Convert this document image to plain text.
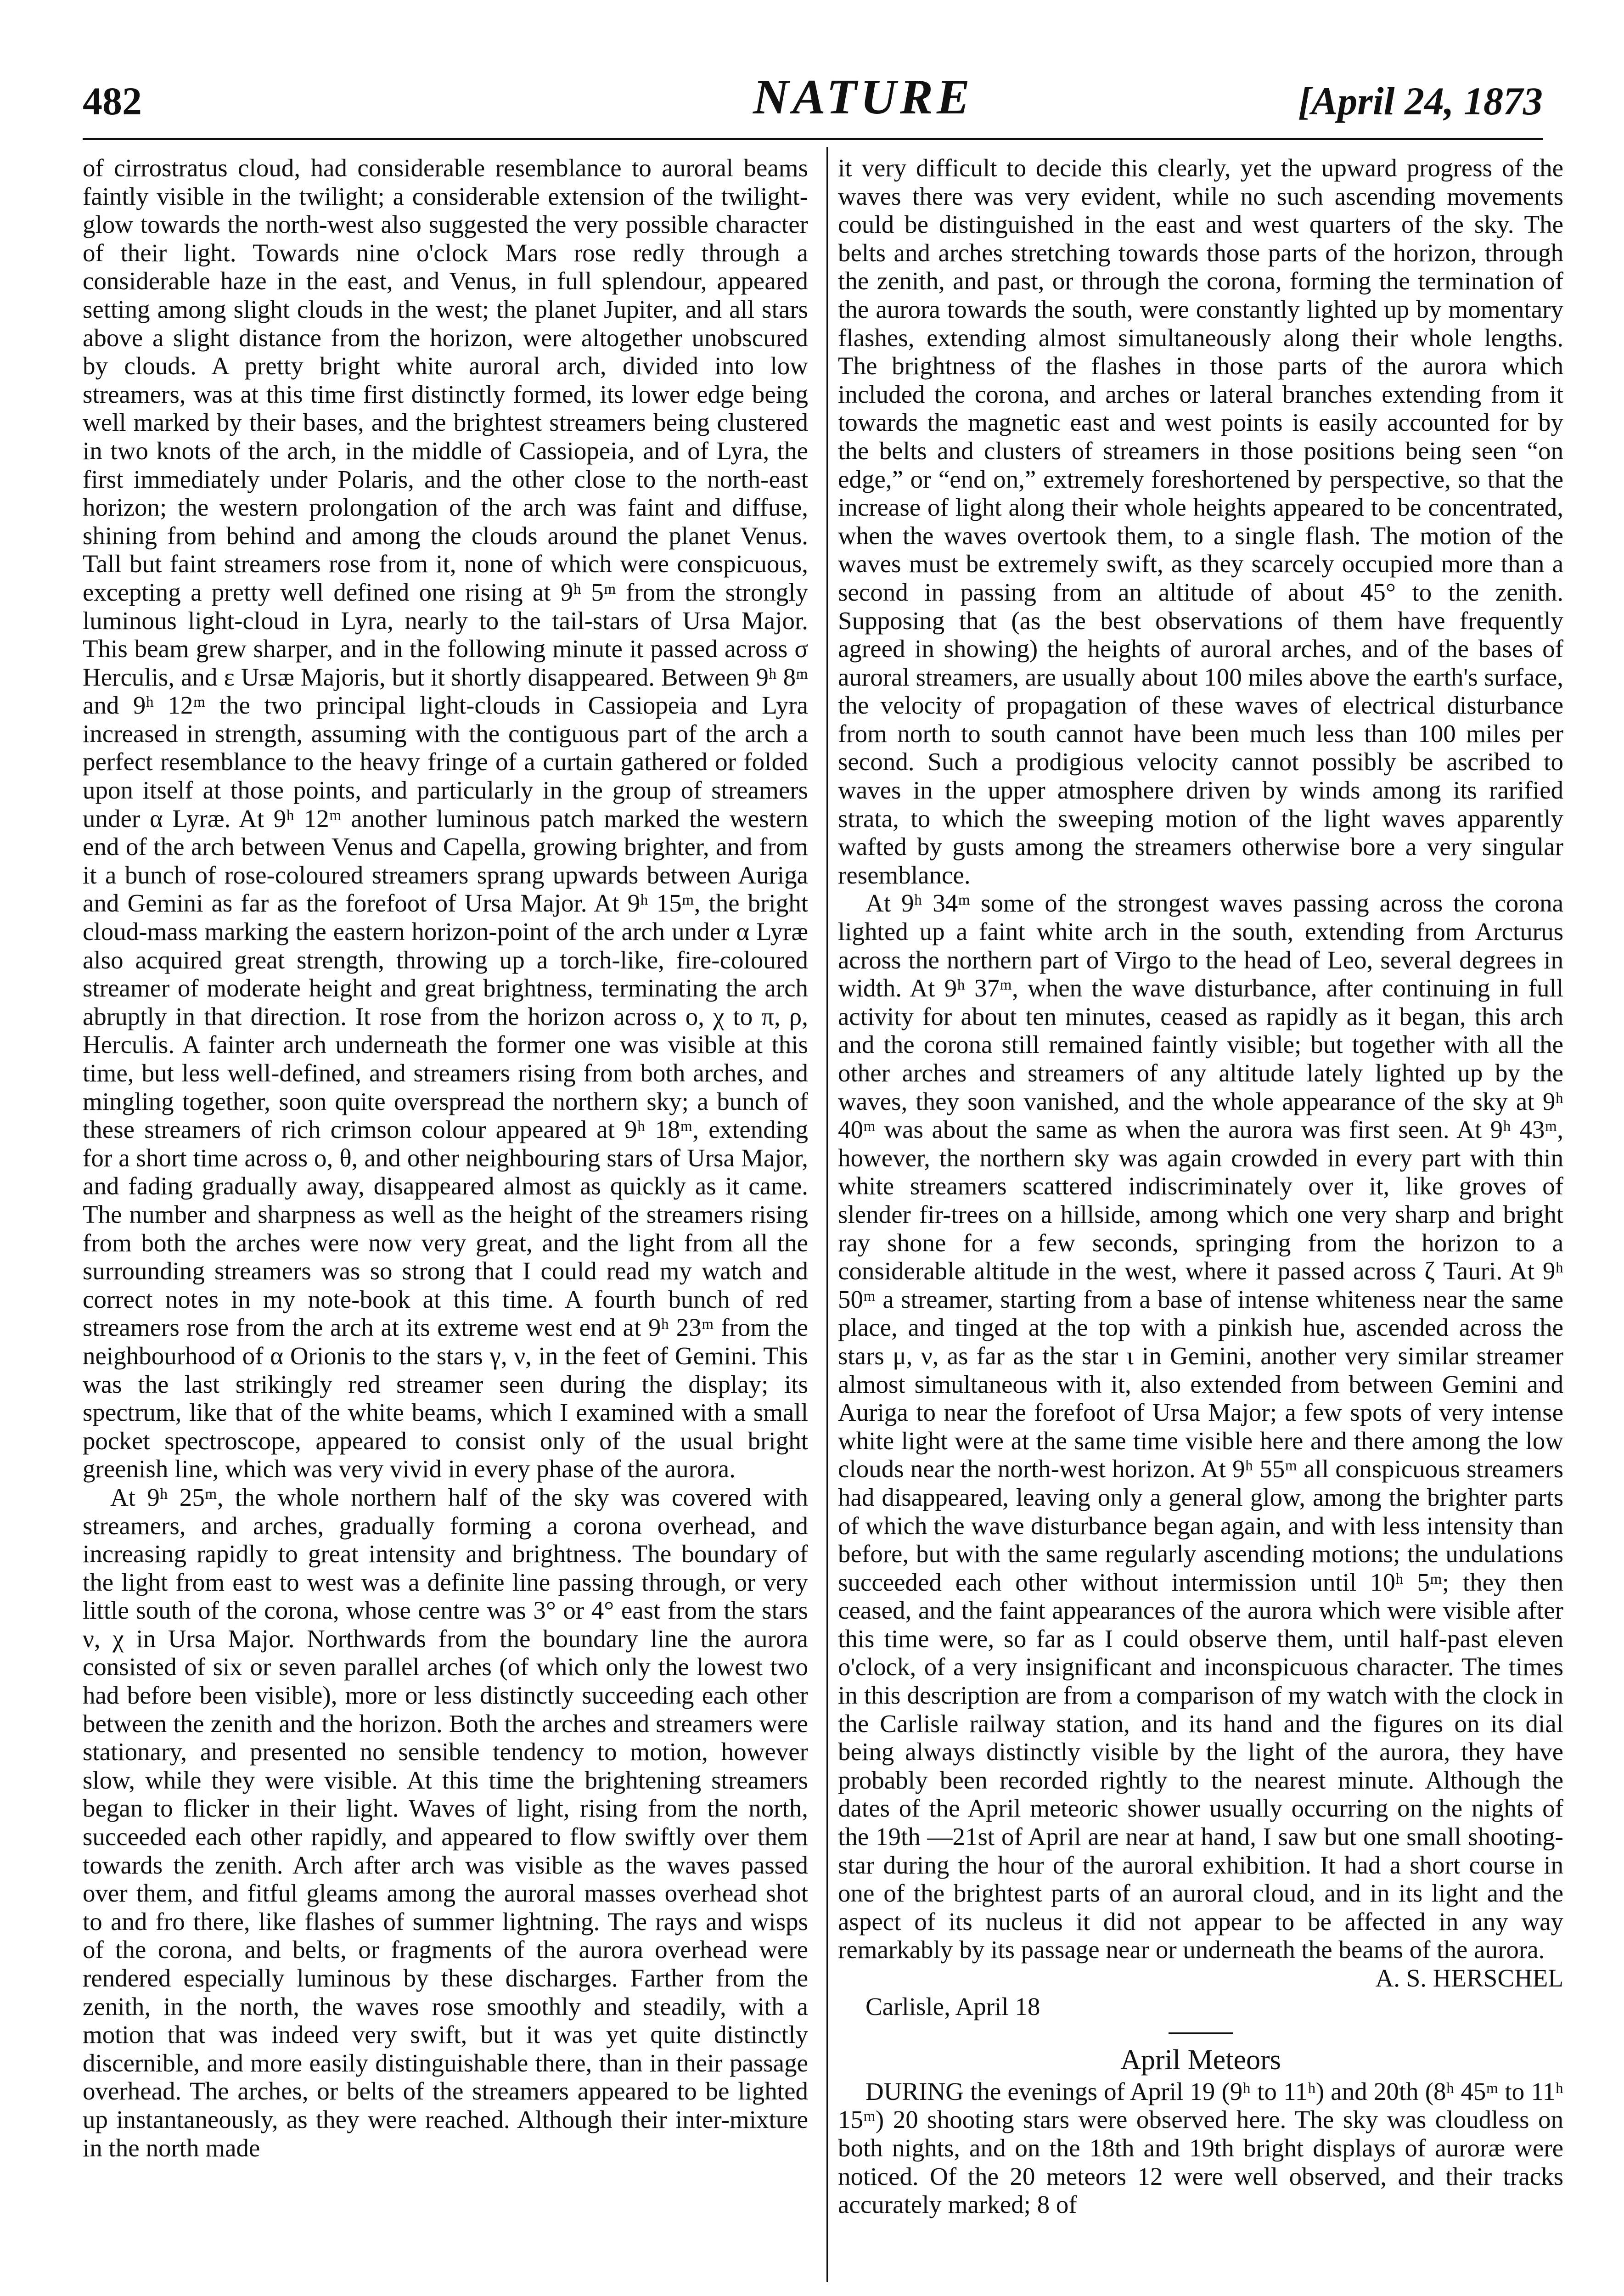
482	NATURE	[April 24, 1873

of cirrostratus cloud, had considerable resemblance to auroral beams faintly visible in the twilight; a considerable extension of the twilight-glow towards the north-west also suggested the very possible character of their light. Towards nine o'clock Mars rose redly through a considerable haze in the east, and Venus, in full splendour, appeared setting among slight clouds in the west; the planet Jupiter, and all stars above a slight distance from the horizon, were altogether unobscured by clouds. A pretty bright white auroral arch, divided into low streamers, was at this time first distinctly formed, its lower edge being well marked by their bases, and the brightest streamers being clustered in two knots of the arch, in the middle of Cassiopeia, and of Lyra, the first immediately under Polaris, and the other close to the north-east horizon; the western prolongation of the arch was faint and diffuse, shining from behind and among the clouds around the planet Venus. Tall but faint streamers rose from it, none of which were conspicuous, excepting a pretty well defined one rising at 9ʰ 5ᵐ from the strongly luminous light-cloud in Lyra, nearly to the tail-stars of Ursa Major. This beam grew sharper, and in the following minute it passed across σ Herculis, and ε Ursæ Majoris, but it shortly disappeared. Between 9ʰ 8ᵐ and 9ʰ 12ᵐ the two principal light-clouds in Cassiopeia and Lyra increased in strength, assuming with the contiguous part of the arch a perfect resemblance to the heavy fringe of a curtain gathered or folded upon itself at those points, and particularly in the group of streamers under α Lyræ. At 9ʰ 12ᵐ another luminous patch marked the western end of the arch between Venus and Capella, growing brighter, and from it a bunch of rose-coloured streamers sprang upwards between Auriga and Gemini as far as the forefoot of Ursa Major. At 9ʰ 15ᵐ, the bright cloud-mass marking the eastern horizon-point of the arch under α Lyræ also acquired great strength, throwing up a torch-like, fire-coloured streamer of moderate height and great brightness, terminating the arch abruptly in that direction. It rose from the horizon across ο, χ to π, ρ, Herculis. A fainter arch underneath the former one was visible at this time, but less well-defined, and streamers rising from both arches, and mingling together, soon quite overspread the northern sky; a bunch of these streamers of rich crimson colour appeared at 9ʰ 18ᵐ, extending for a short time across ο, θ, and other neighbouring stars of Ursa Major, and fading gradually away, disappeared almost as quickly as it came. The number and sharpness as well as the height of the streamers rising from both the arches were now very great, and the light from all the surrounding streamers was so strong that I could read my watch and correct notes in my note-book at this time. A fourth bunch of red streamers rose from the arch at its extreme west end at 9ʰ 23ᵐ from the neighbourhood of α Orionis to the stars γ, ν, in the feet of Gemini. This was the last strikingly red streamer seen during the display; its spectrum, like that of the white beams, which I examined with a small pocket spectroscope, appeared to consist only of the usual bright greenish line, which was very vivid in every phase of the aurora.

At 9ʰ 25ᵐ, the whole northern half of the sky was covered with streamers, and arches, gradually forming a corona overhead, and increasing rapidly to great intensity and brightness. The boundary of the light from east to west was a definite line passing through, or very little south of the corona, whose centre was 3° or 4° east from the stars ν, χ in Ursa Major. Northwards from the boundary line the aurora consisted of six or seven parallel arches (of which only the lowest two had before been visible), more or less distinctly succeeding each other between the zenith and the horizon. Both the arches and streamers were stationary, and presented no sensible tendency to motion, however slow, while they were visible. At this time the brightening streamers began to flicker in their light. Waves of light, rising from the north, succeeded each other rapidly, and appeared to flow swiftly over them towards the zenith. Arch after arch was visible as the waves passed over them, and fitful gleams among the auroral masses overhead shot to and fro there, like flashes of summer lightning. The rays and wisps of the corona, and belts, or fragments of the aurora overhead were rendered especially luminous by these discharges. Farther from the zenith, in the north, the waves rose smoothly and steadily, with a motion that was indeed very swift, but it was yet quite distinctly discernible, and more easily distinguishable there, than in their passage overhead. The arches, or belts of the streamers appeared to be lighted up instantaneously, as they were reached. Although their inter-mixture in the north made

it very difficult to decide this clearly, yet the upward progress of the waves there was very evident, while no such ascending movements could be distinguished in the east and west quarters of the sky. The belts and arches stretching towards those parts of the horizon, through the zenith, and past, or through the corona, forming the termination of the aurora towards the south, were constantly lighted up by momentary flashes, extending almost simultaneously along their whole lengths. The brightness of the flashes in those parts of the aurora which included the corona, and arches or lateral branches extending from it towards the magnetic east and west points is easily accounted for by the belts and clusters of streamers in those positions being seen “on edge,” or “end on,” extremely foreshortened by perspective, so that the increase of light along their whole heights appeared to be concentrated, when the waves overtook them, to a single flash. The motion of the waves must be extremely swift, as they scarcely occupied more than a second in passing from an altitude of about 45° to the zenith. Supposing that (as the best observations of them have frequently agreed in showing) the heights of auroral arches, and of the bases of auroral streamers, are usually about 100 miles above the earth's surface, the velocity of propagation of these waves of electrical disturbance from north to south cannot have been much less than 100 miles per second. Such a prodigious velocity cannot possibly be ascribed to waves in the upper atmosphere driven by winds among its rarified strata, to which the sweeping motion of the light waves apparently wafted by gusts among the streamers otherwise bore a very singular resemblance.

At 9ʰ 34ᵐ some of the strongest waves passing across the corona lighted up a faint white arch in the south, extending from Arcturus across the northern part of Virgo to the head of Leo, several degrees in width. At 9ʰ 37ᵐ, when the wave disturbance, after continuing in full activity for about ten minutes, ceased as rapidly as it began, this arch and the corona still remained faintly visible; but together with all the other arches and streamers of any altitude lately lighted up by the waves, they soon vanished, and the whole appearance of the sky at 9ʰ 40ᵐ was about the same as when the aurora was first seen. At 9ʰ 43ᵐ, however, the northern sky was again crowded in every part with thin white streamers scattered indiscriminately over it, like groves of slender fir-trees on a hillside, among which one very sharp and bright ray shone for a few seconds, springing from the horizon to a considerable altitude in the west, where it passed across ζ Tauri. At 9ʰ 50ᵐ a streamer, starting from a base of intense whiteness near the same place, and tinged at the top with a pinkish hue, ascended across the stars μ, ν, as far as the star ι in Gemini, another very similar streamer almost simultaneous with it, also extended from between Gemini and Auriga to near the forefoot of Ursa Major; a few spots of very intense white light were at the same time visible here and there among the low clouds near the north-west horizon. At 9ʰ 55ᵐ all conspicuous streamers had disappeared, leaving only a general glow, among the brighter parts of which the wave disturbance began again, and with less intensity than before, but with the same regularly ascending motions; the undulations succeeded each other without intermission until 10ʰ 5ᵐ; they then ceased, and the faint appearances of the aurora which were visible after this time were, so far as I could observe them, until half-past eleven o'clock, of a very insignificant and inconspicuous character. The times in this description are from a comparison of my watch with the clock in the Carlisle railway station, and its hand and the figures on its dial being always distinctly visible by the light of the aurora, they have probably been recorded rightly to the nearest minute. Although the dates of the April meteoric shower usually occurring on the nights of the 19th —21st of April are near at hand, I saw but one small shooting-star during the hour of the auroral exhibition. It had a short course in one of the brightest parts of an auroral cloud, and in its light and the aspect of its nucleus it did not appear to be affected in any way remarkably by its passage near or underneath the beams of the aurora.

A. S. HERSCHEL

Carlisle, April 18

April Meteors

DURING the evenings of April 19 (9ʰ to 11ʰ) and 20th (8ʰ 45ᵐ to 11ʰ 15ᵐ) 20 shooting stars were observed here. The sky was cloudless on both nights, and on the 18th and 19th bright displays of auroræ were noticed. Of the 20 meteors 12 were well observed, and their tracks accurately marked; 8 of
